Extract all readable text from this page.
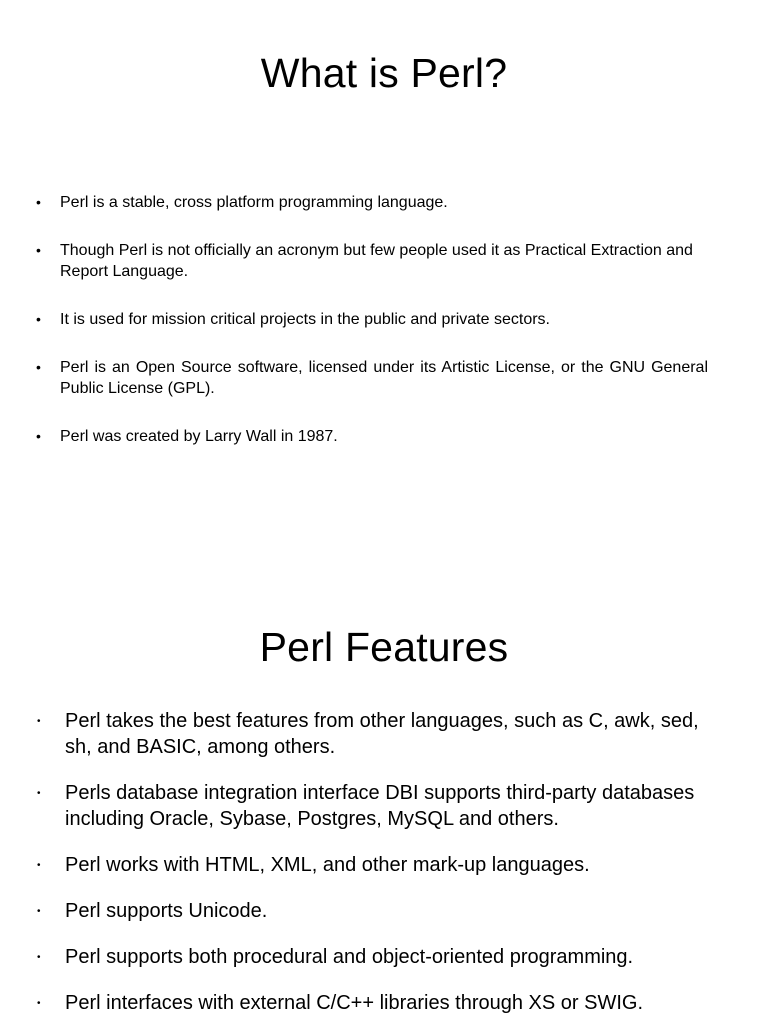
What is Perl?
• Perl is a stable, cross platform programming language.
• Though Perl is not officially an acronym but few people used it as Practical Extraction and Report Language.
• It is used for mission critical projects in the public and private sectors.
• Perl is an Open Source software, licensed under its Artistic License, or the GNU General Public License (GPL).
• Perl was created by Larry Wall in 1987.
Perl Features
• Perl takes the best features from other languages, such as C, awk, sed, sh, and BASIC, among others.
• Perls database integration interface DBI supports third-party databases including Oracle, Sybase, Postgres, MySQL and others.
• Perl works with HTML, XML, and other mark-up languages.
• Perl supports Unicode.
• Perl supports both procedural and object-oriented programming.
• Perl interfaces with external C/C++ libraries through XS or SWIG.
